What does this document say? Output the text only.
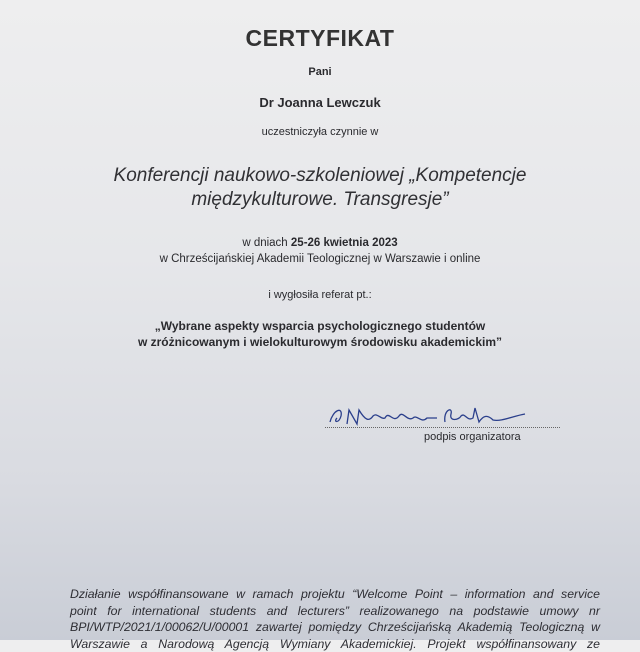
CERTYFIKAT
Pani
Dr Joanna Lewczuk
uczestniczyła czynnie w
Konferencji naukowo-szkoleniowej „Kompetencje
międzykulturowe. Transgresje”
w dniach 25-26 kwietnia 2023
w Chrześcijańskiej Akademii Teologicznej w Warszawie i online
i wygłosiła referat pt.:
„Wybrane aspekty wsparcia psychologicznego studentów
w zróżnicowanym i wielokulturowym środowisku akademickim”
podpis organizatora
Działanie współfinansowane w ramach projektu “Welcome Point – information and service
point for international students and lecturers” realizowanego na podstawie umowy nr
BPI/WTP/2021/1/00062/U/00001 zawartej pomiędzy Chrześcijańską Akademią Teologiczną w
Warszawie a Narodową Agencją Wymiany Akademickiej. Projekt współfinansowany ze
